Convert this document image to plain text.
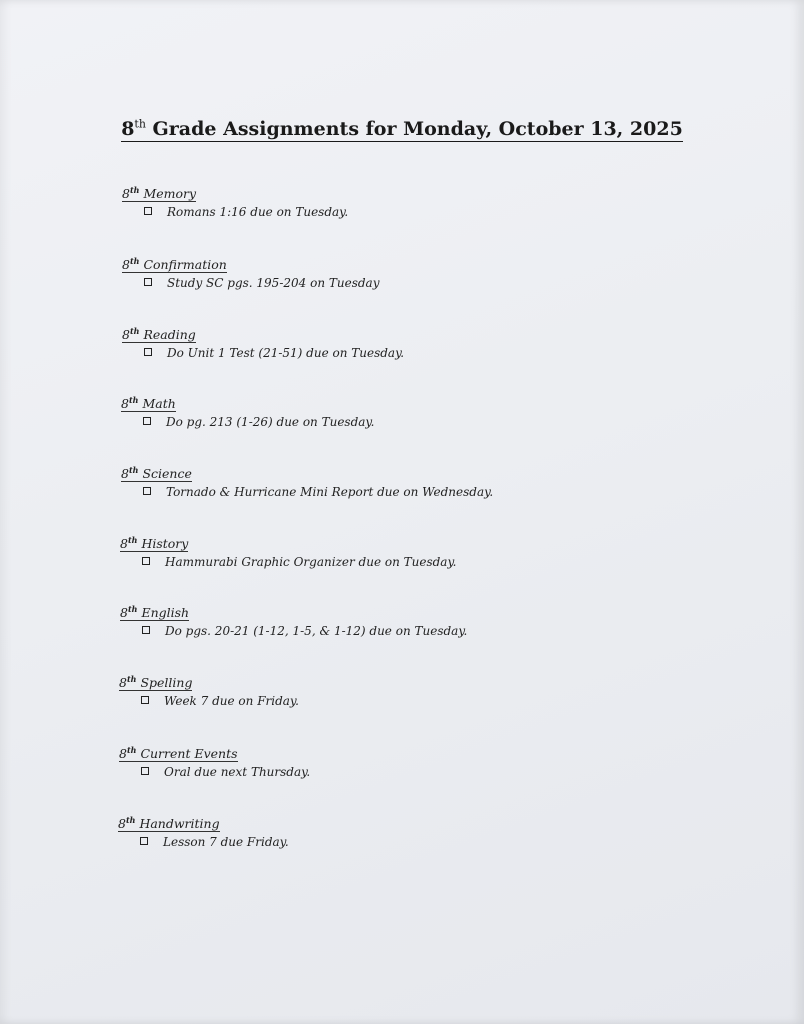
8th Grade Assignments for Monday, October 13, 2025
8th Memory
Romans 1:16 due on Tuesday.
8th Confirmation
Study SC pgs. 195-204 on Tuesday
8th Reading
Do Unit 1 Test (21-51) due on Tuesday.
8th Math
Do pg. 213 (1-26) due on Tuesday.
8th Science
Tornado & Hurricane Mini Report due on Wednesday.
8th History
Hammurabi Graphic Organizer due on Tuesday.
8th English
Do pgs. 20-21 (1-12, 1-5, & 1-12) due on Tuesday.
8th Spelling
Week 7 due on Friday.
8th Current Events
Oral due next Thursday.
8th Handwriting
Lesson 7 due Friday.
